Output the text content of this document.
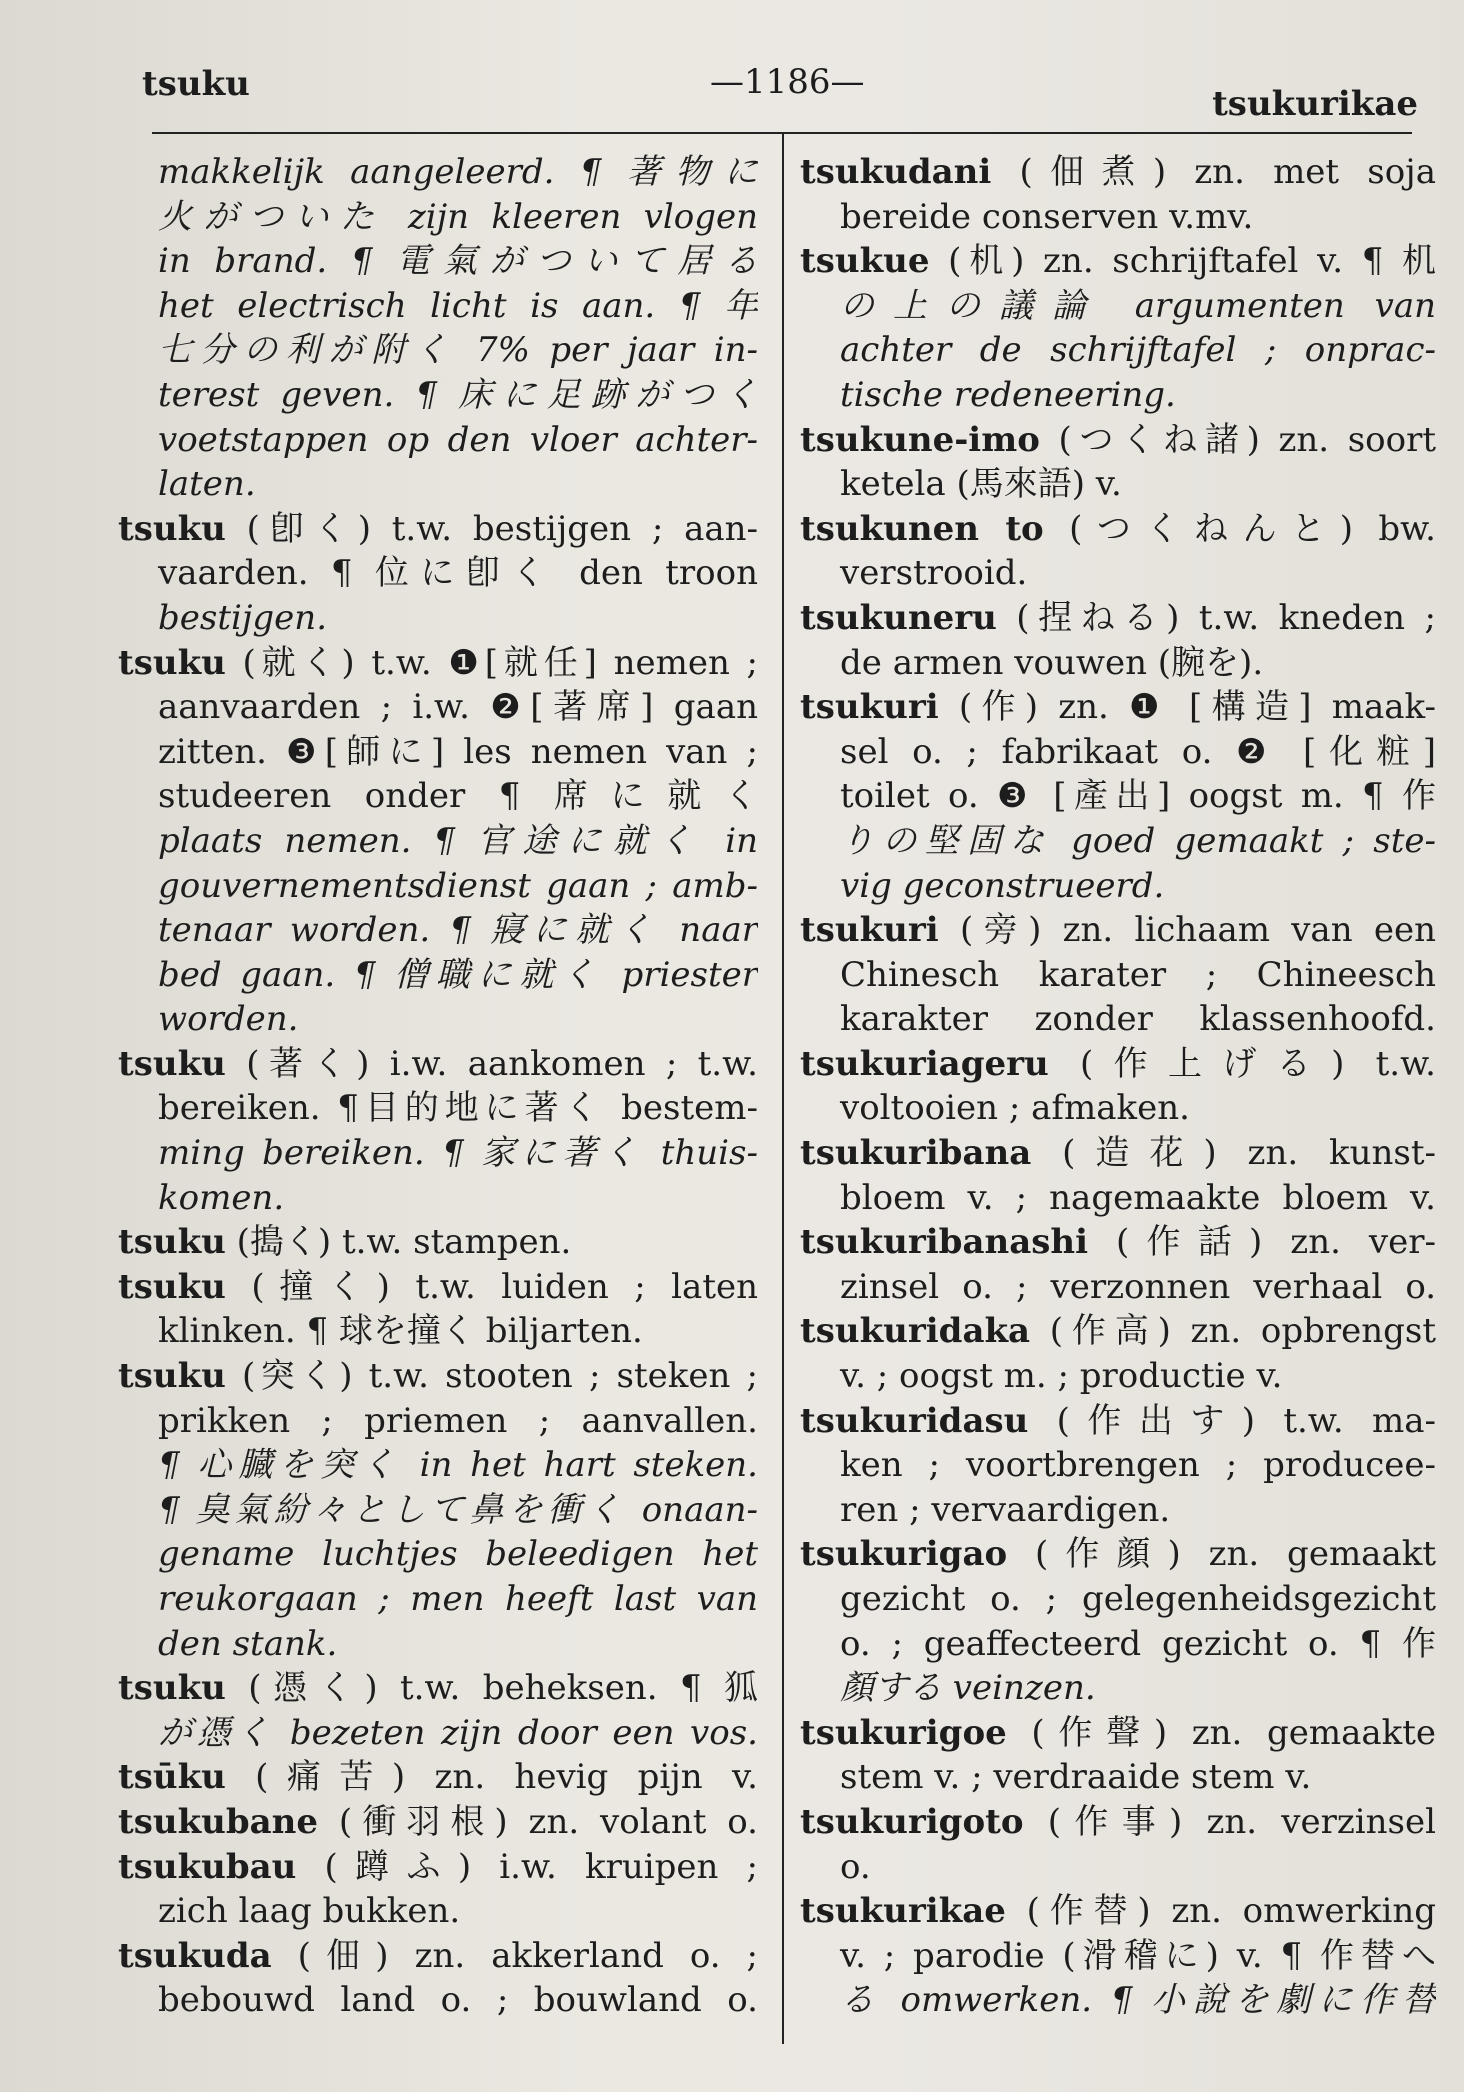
tsuku	—1186—
tsukurikae
makkelijk aangeleerd. ¶ 著物に
火がついた zijn kleeren vlogen
in brand. ¶ 電氣がついて居る
het electrisch licht is aan. ¶ 年
七分の利が附く 7% per jaar in-
terest geven. ¶ 床に足跡がつく
voetstappen op den vloer achter-
laten.
tsuku (卽く) t.w. bestijgen ; aan-
vaarden. ¶ 位に卽く den troon
bestijgen.
tsuku (就く) t.w. ❶[就任] nemen ;
aanvaarden ; i.w. ❷[著席] gaan
zitten. ❸[師に] les nemen van ;
studeeren onder ¶ 席に就く
plaats nemen. ¶ 官途に就く in
gouvernementsdienst gaan ; amb-
tenaar worden. ¶ 寢に就く naar
bed gaan. ¶ 僧職に就く priester
worden.
tsuku (著く) i.w. aankomen ; t.w.
bereiken. ¶目的地に著く bestem-
ming bereiken. ¶ 家に著く thuis-
komen.
tsuku (搗く) t.w. stampen.
tsuku (撞く) t.w. luiden ; laten
klinken. ¶ 球を撞く biljarten.
tsuku (突く) t.w. stooten ; steken ;
prikken ; priemen ; aanvallen.
¶ 心臓を突く in het hart steken.
¶ 臭氣紛々として鼻を衝く onaan-
gename luchtjes beleedigen het
reukorgaan ; men heeft last van
den stank.
tsuku (憑く) t.w. beheksen. ¶ 狐
が憑く bezeten zijn door een vos.
tsūku (痛苦) zn. hevig pijn v.
tsukubane (衝羽根) zn. volant o.
tsukubau (蹲ふ) i.w. kruipen ;
zich laag bukken.
tsukuda (佃) zn. akkerland o. ;
bebouwd land o. ; bouwland o.
tsukudani (佃煮) zn. met soja
bereide conserven v.mv.
tsukue (机) zn. schrijftafel v. ¶ 机
の上の議論 argumenten van
achter de schrijftafel ; onprac-
tische redeneering.
tsukune-imo (つくね諸) zn. soort
ketela (馬來語) v.
tsukunen to (つくねんと) bw.
verstrooid.
tsukuneru (捏ねる) t.w. kneden ;
de armen vouwen (腕を).
tsukuri (作) zn. ❶ [構造] maak-
sel o. ; fabrikaat o. ❷ [化粧]
toilet o. ❸ [產出] oogst m. ¶ 作
りの堅固な goed gemaakt ; ste-
vig geconstrueerd.
tsukuri (旁) zn. lichaam van een
Chinesch karater ; Chineesch
karakter zonder klassenhoofd.
tsukuriageru (作上げる) t.w.
voltooien ; afmaken.
tsukuribana (造花) zn. kunst-
bloem v. ; nagemaakte bloem v.
tsukuribanashi (作話) zn. ver-
zinsel o. ; verzonnen verhaal o.
tsukuridaka (作高) zn. opbrengst
v. ; oogst m. ; productie v.
tsukuridasu (作出す) t.w. ma-
ken ; voortbrengen ; produceе-
ren ; vervaardigen.
tsukurigao (作顔) zn. gemaakt
gezicht o. ; gelegenheidsgezicht
o. ; geaffecteerd gezicht o. ¶ 作
顏する veinzen.
tsukurigoe (作聲) zn. gemaakte
stem v. ; verdraaide stem v.
tsukurigoto (作事) zn. verzinsel
o.
tsukurikae (作替) zn. omwerking
v. ; parodie (滑稽に) v. ¶ 作替へ
る omwerken. ¶ 小說を劇に作替
